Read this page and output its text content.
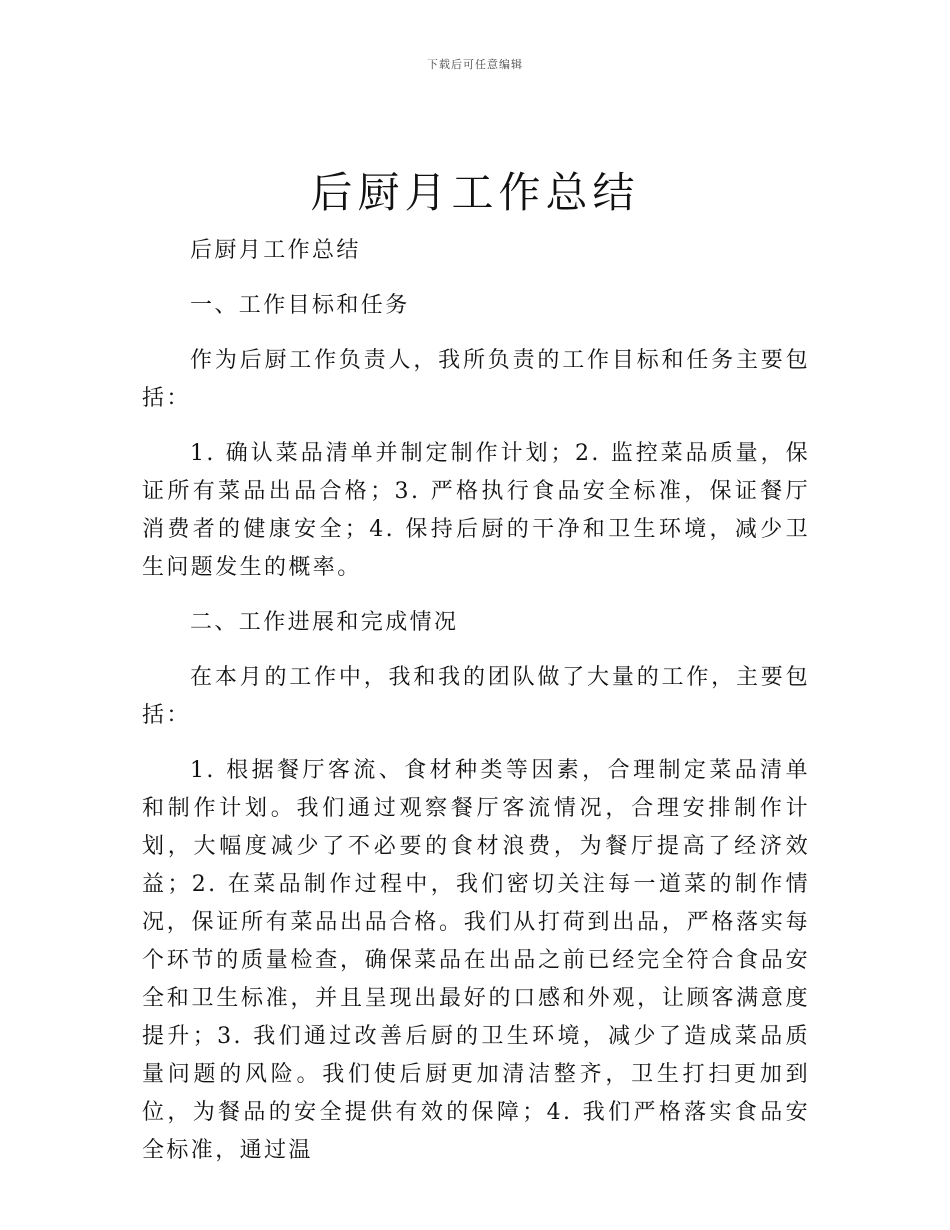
下载后可任意编辑
后厨月工作总结

后厨月工作总结

一、工作目标和任务

作为后厨工作负责人，我所负责的工作目标和任务主要包括：

1. 确认菜品清单并制定制作计划；2. 监控菜品质量，保证所有菜品出品合格；3. 严格执行食品安全标准，保证餐厅消费者的健康安全；4. 保持后厨的干净和卫生环境，减少卫生问题发生的概率。

二、工作进展和完成情况

在本月的工作中，我和我的团队做了大量的工作，主要包括：

1. 根据餐厅客流、食材种类等因素，合理制定菜品清单和制作计划。我们通过观察餐厅客流情况，合理安排制作计划，大幅度减少了不必要的食材浪费，为餐厅提高了经济效益；2. 在菜品制作过程中，我们密切关注每一道菜的制作情况，保证所有菜品出品合格。我们从打荷到出品，严格落实每个环节的质量检查，确保菜品在出品之前已经完全符合食品安全和卫生标准，并且呈现出最好的口感和外观，让顾客满意度提升；3. 我们通过改善后厨的卫生环境，减少了造成菜品质量问题的风险。我们使后厨更加清洁整齐，卫生打扫更加到位，为餐品的安全提供有效的保障；4. 我们严格落实食品安全标准，通过温
